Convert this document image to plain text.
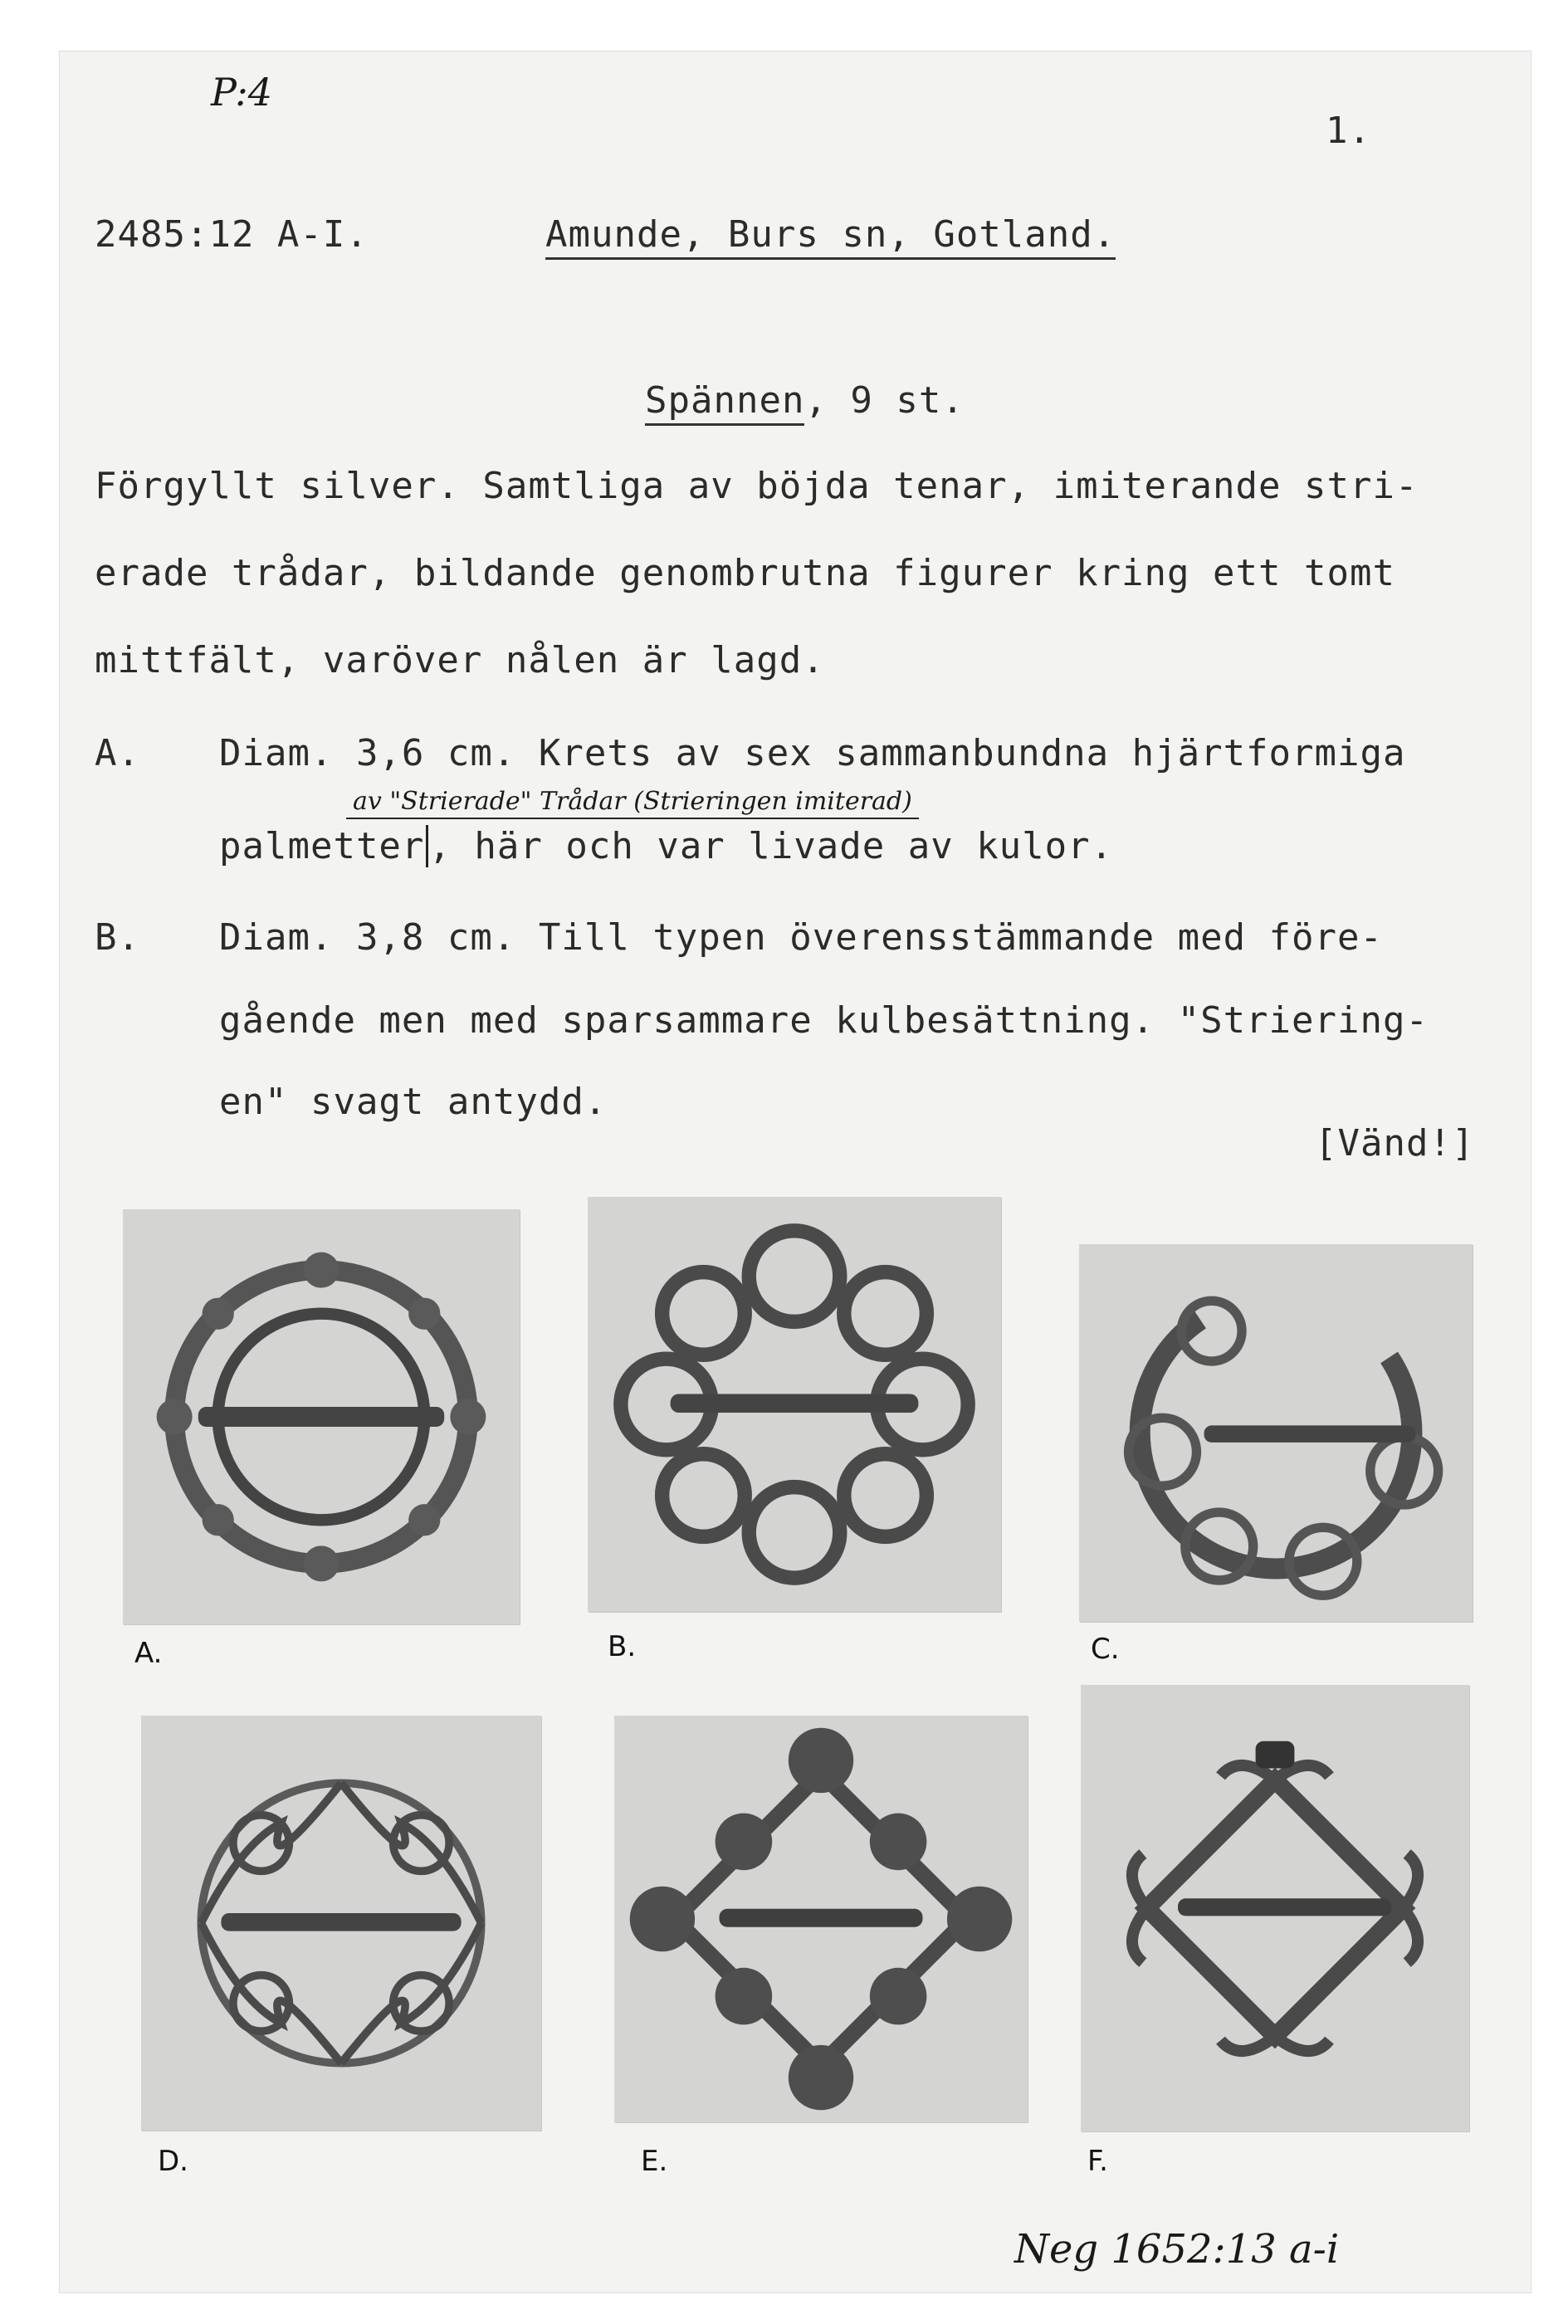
P:4
1.
2485:12 A-I.	Amunde, Burs sn, Gotland.
Spännen, 9 st.
Förgyllt silver. Samtliga av böjda tenar, imiterande stri-
erade trådar, bildande genombrutna figurer kring ett tomt
mittfält, varöver nålen är lagd.
A. Diam. 3,6 cm. Krets av sex sammanbundna hjärtformiga
av "Strierade" Trådar (Strieringen imiterad)
palmetter , här och var livade av kulor.
B. Diam. 3,8 cm. Till typen överensstämmande med före-
gående men med sparsammare kulbesättning. "Striering-
en" svagt antydd.
[Vänd!]
A.	B.	C.
D.	E.	F.
Neg 1652:13 a-i
